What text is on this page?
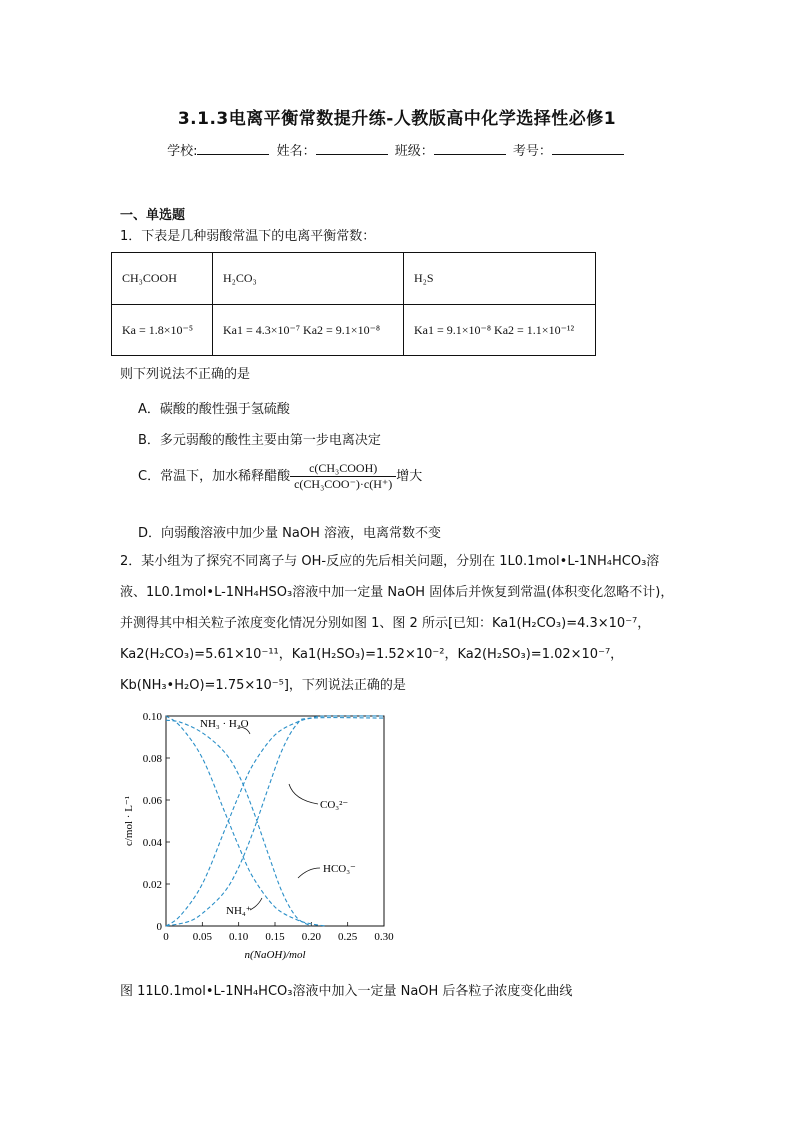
3.1.3电离平衡常数提升练-人教版高中化学选择性必修1
学校:	姓名：	班级：	考号：
一、单选题
1．下表是几种弱酸常温下的电离平衡常数：
CH₃COOH	H₂CO₃	H₂S
Ka = 1.8×10⁻⁵	Ka1 = 4.3×10⁻⁷ Ka2 = 9.1×10⁻⁸	Ka1 = 9.1×10⁻⁸ Ka2 = 1.1×10⁻¹²
则下列说法不正确的是
A．碳酸的酸性强于氢硫酸
B．多元弱酸的酸性主要由第一步电离决定
C．常温下，加水稀释醋酸 $\frac{\text{c(CH₃COOH)}}{\text{c(CH₃COO⁻)·c(H⁺)}}$ 增大
D．向弱酸溶液中加少量 NaOH 溶液，电离常数不变
2．某小组为了探究不同离子与 OH-反应的先后相关问题，分别在 1L0.1mol•L-1NH₄HCO₃溶
液、1L0.1mol•L-1NH₄HSO₃溶液中加一定量 NaOH 固体后并恢复到常温(体积变化忽略不计)，
并测得其中相关粒子浓度变化情况分别如图 1、图 2 所示[已知：Ka1(H₂CO₃)=4.3×10⁻⁷，
Ka2(H₂CO₃)=5.61×10⁻¹¹，Ka1(H₂SO₃)=1.52×10⁻²，Ka2(H₂SO₃)=1.02×10⁻⁷，
Kb(NH₃•H₂O)=1.75×10⁻⁵]，下列说法正确的是
0 0.05 0.10 0.15 0.20 0.25 0.30
0
0.02
0.04
0.06
0.08
0.10
NH₃ · H₂O
CO₃²⁻
HCO₃⁻
NH₄⁺
n(NaOH)/mol
c/mol · L⁻¹
图 11L0.1mol•L-1NH₄HCO₃溶液中加入一定量 NaOH 后各粒子浓度变化曲线
